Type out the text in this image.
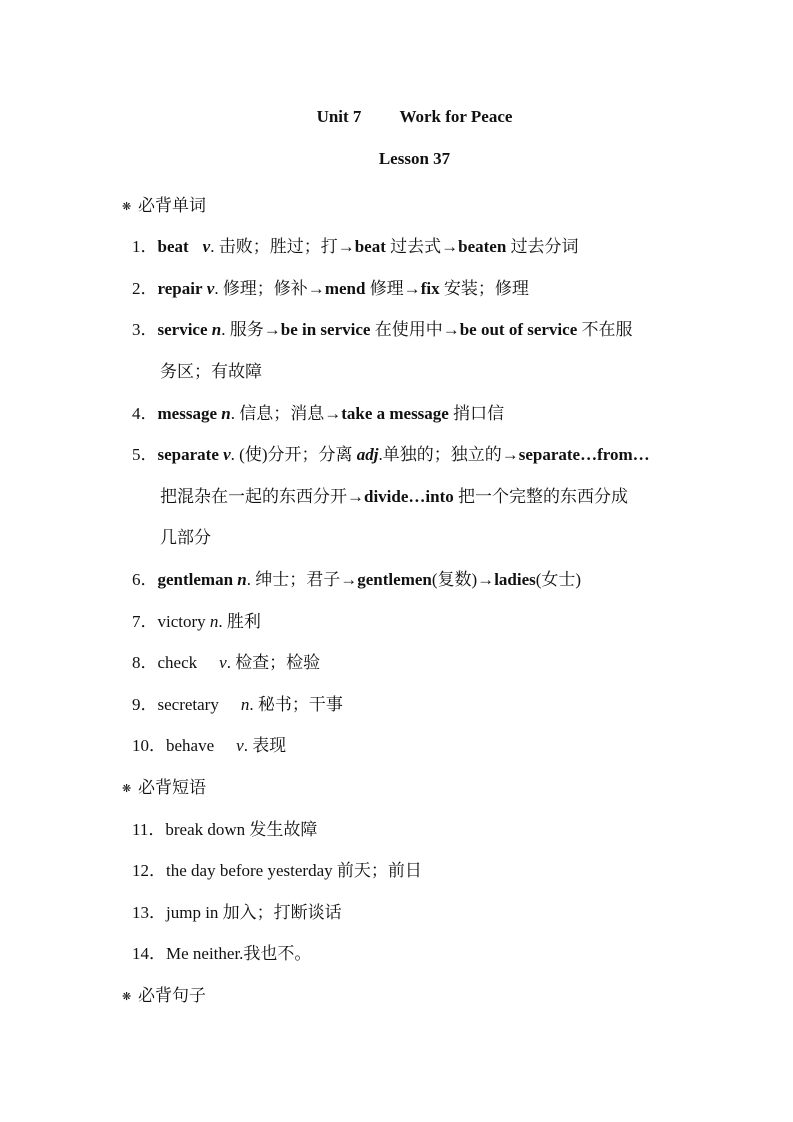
Unit 7 Work for Peace
Lesson 37
❋ 必背单词
1．beat v. 击败；胜过；打→beat 过去式→beaten 过去分词
2．repair v. 修理；修补→mend 修理→fix 安装；修理
3．service n. 服务→be in service 在使用中→be out of service 不在服
务区；有故障
4．message n. 信息；消息→take a message 捎口信
5．separate v. (使)分开；分离 adj.单独的；独立的→separate…from…
把混杂在一起的东西分开→divide…into 把一个完整的东西分成
几部分
6．gentleman n. 绅士；君子→gentlemen(复数)→ladies(女士)
7．victory n. 胜利
8．check v. 检查；检验
9．secretary n. 秘书；干事
10．behave v. 表现
❋ 必背短语
11．break down 发生故障
12．the day before yesterday 前天；前日
13．jump in 加入；打断谈话
14．Me neither.我也不。
❋ 必背句子
